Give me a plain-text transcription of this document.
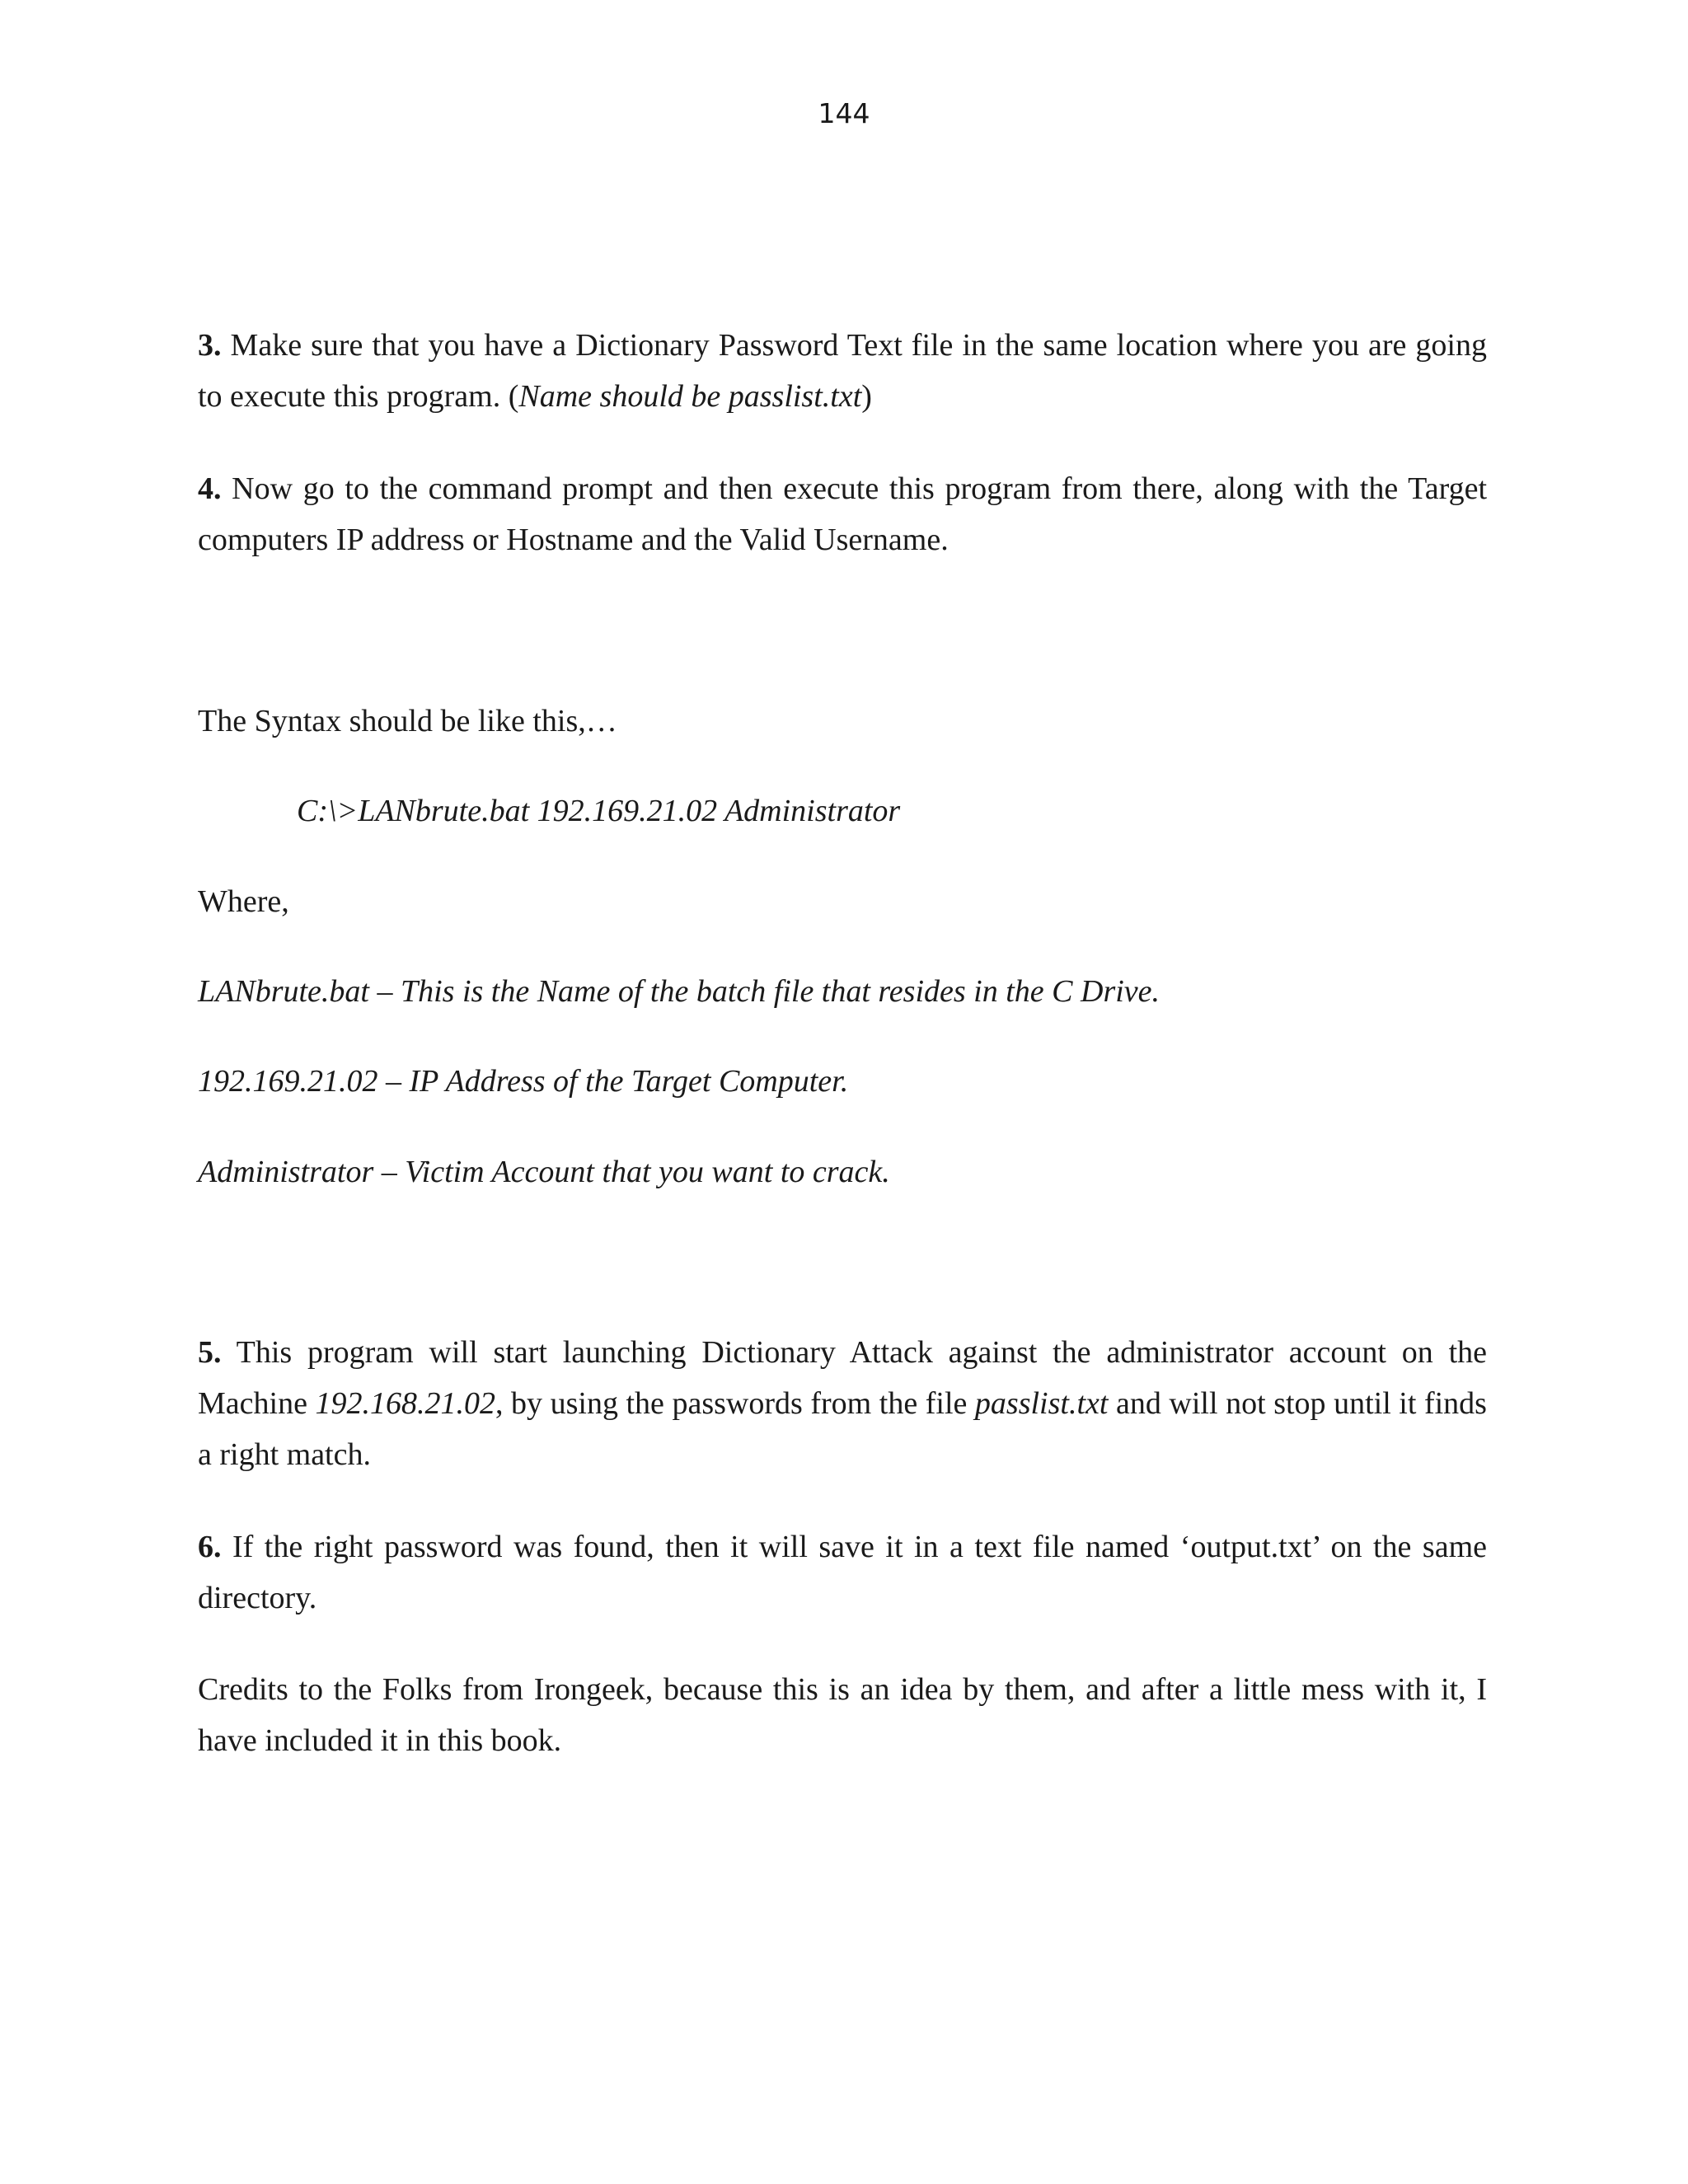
144

3. Make sure that you have a Dictionary Password Text file in the same location where you are going to execute this program. (Name should be passlist.txt)

4. Now go to the command prompt and then execute this program from there, along with the Target computers IP address or Hostname and the Valid Username.

The Syntax should be like this,…

C:\>LANbrute.bat 192.169.21.02 Administrator

Where,

LANbrute.bat – This is the Name of the batch file that resides in the C Drive.

192.169.21.02 – IP Address of the Target Computer.

Administrator – Victim Account that you want to crack.

5. This program will start launching Dictionary Attack against the administrator account on the Machine 192.168.21.02, by using the passwords from the file passlist.txt and will not stop until it finds a right match.

6. If the right password was found, then it will save it in a text file named ‘output.txt’ on the same directory.

Credits to the Folks from Irongeek, because this is an idea by them, and after a little mess with it, I have included it in this book.
